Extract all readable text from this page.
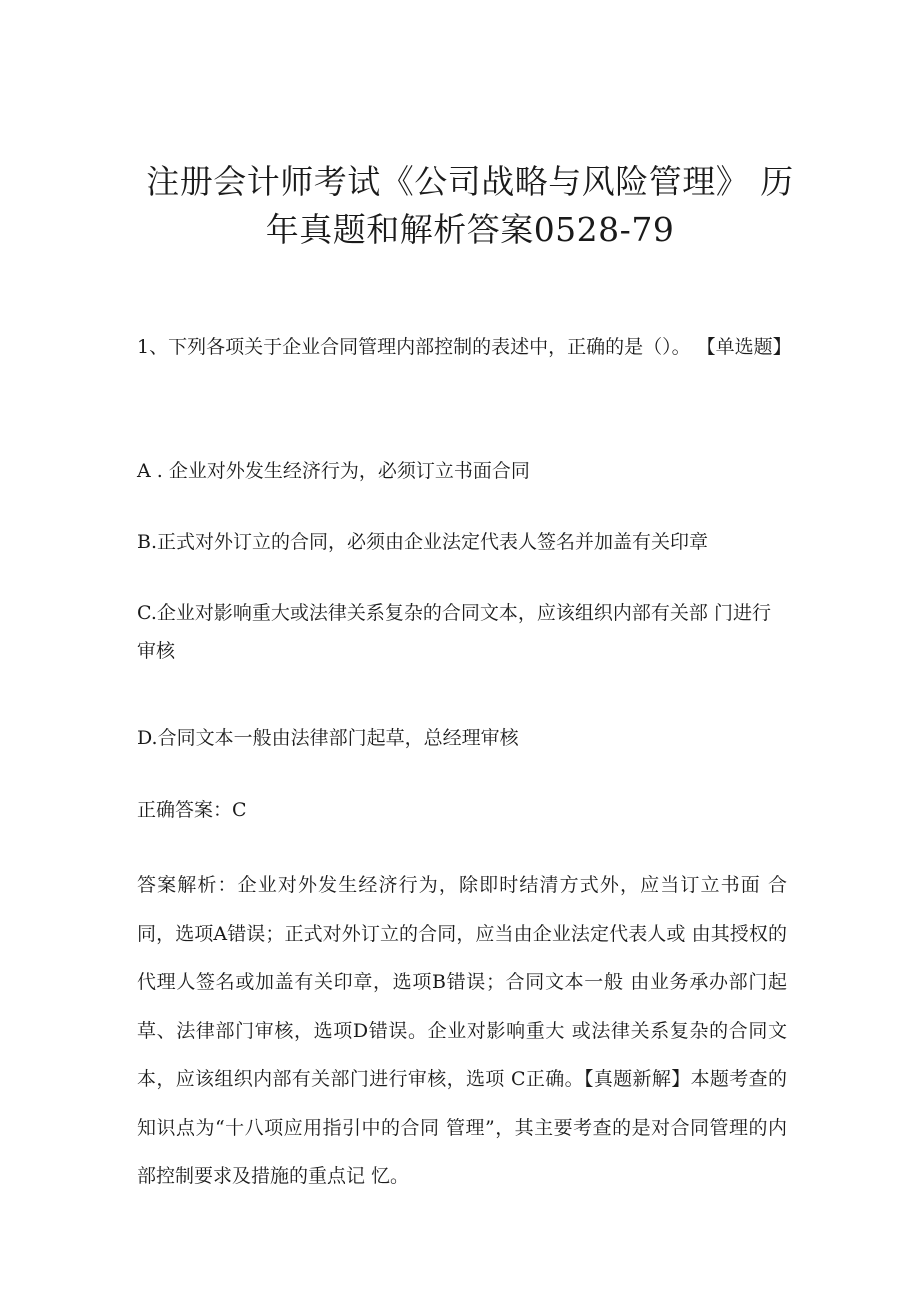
注册会计师考试《公司战略与风险管理》 历
年真题和解析答案0528-79
1、下列各项关于企业合同管理内部控制的表述中，正确的是（）。 【单选题】
A . 企业对外发生经济行为，必须订立书面合同
B.正式对外订立的合同，必须由企业法定代表人签名并加盖有关印章
C.企业对影响重大或法律关系复杂的合同文本，应该组织内部有关部 门进行审核
D.合同文本一般由法律部门起草，总经理审核
正确答案：C
答案解析：企业对外发生经济行为，除即时结清方式外，应当订立书面 合同，选项A错误；正式对外订立的合同，应当由企业法定代表人或 由其授权的代理人签名或加盖有关印章，选项B错误；合同文本一般 由业务承办部门起草、法律部门审核，选项D错误。企业对影响重大 或法律关系复杂的合同文本，应该组织内部有关部门进行审核，选项 C正确。【真题新解】本题考查的知识点为“十八项应用指引中的合同 管理”，其主要考查的是对合同管理的内部控制要求及措施的重点记 忆。
